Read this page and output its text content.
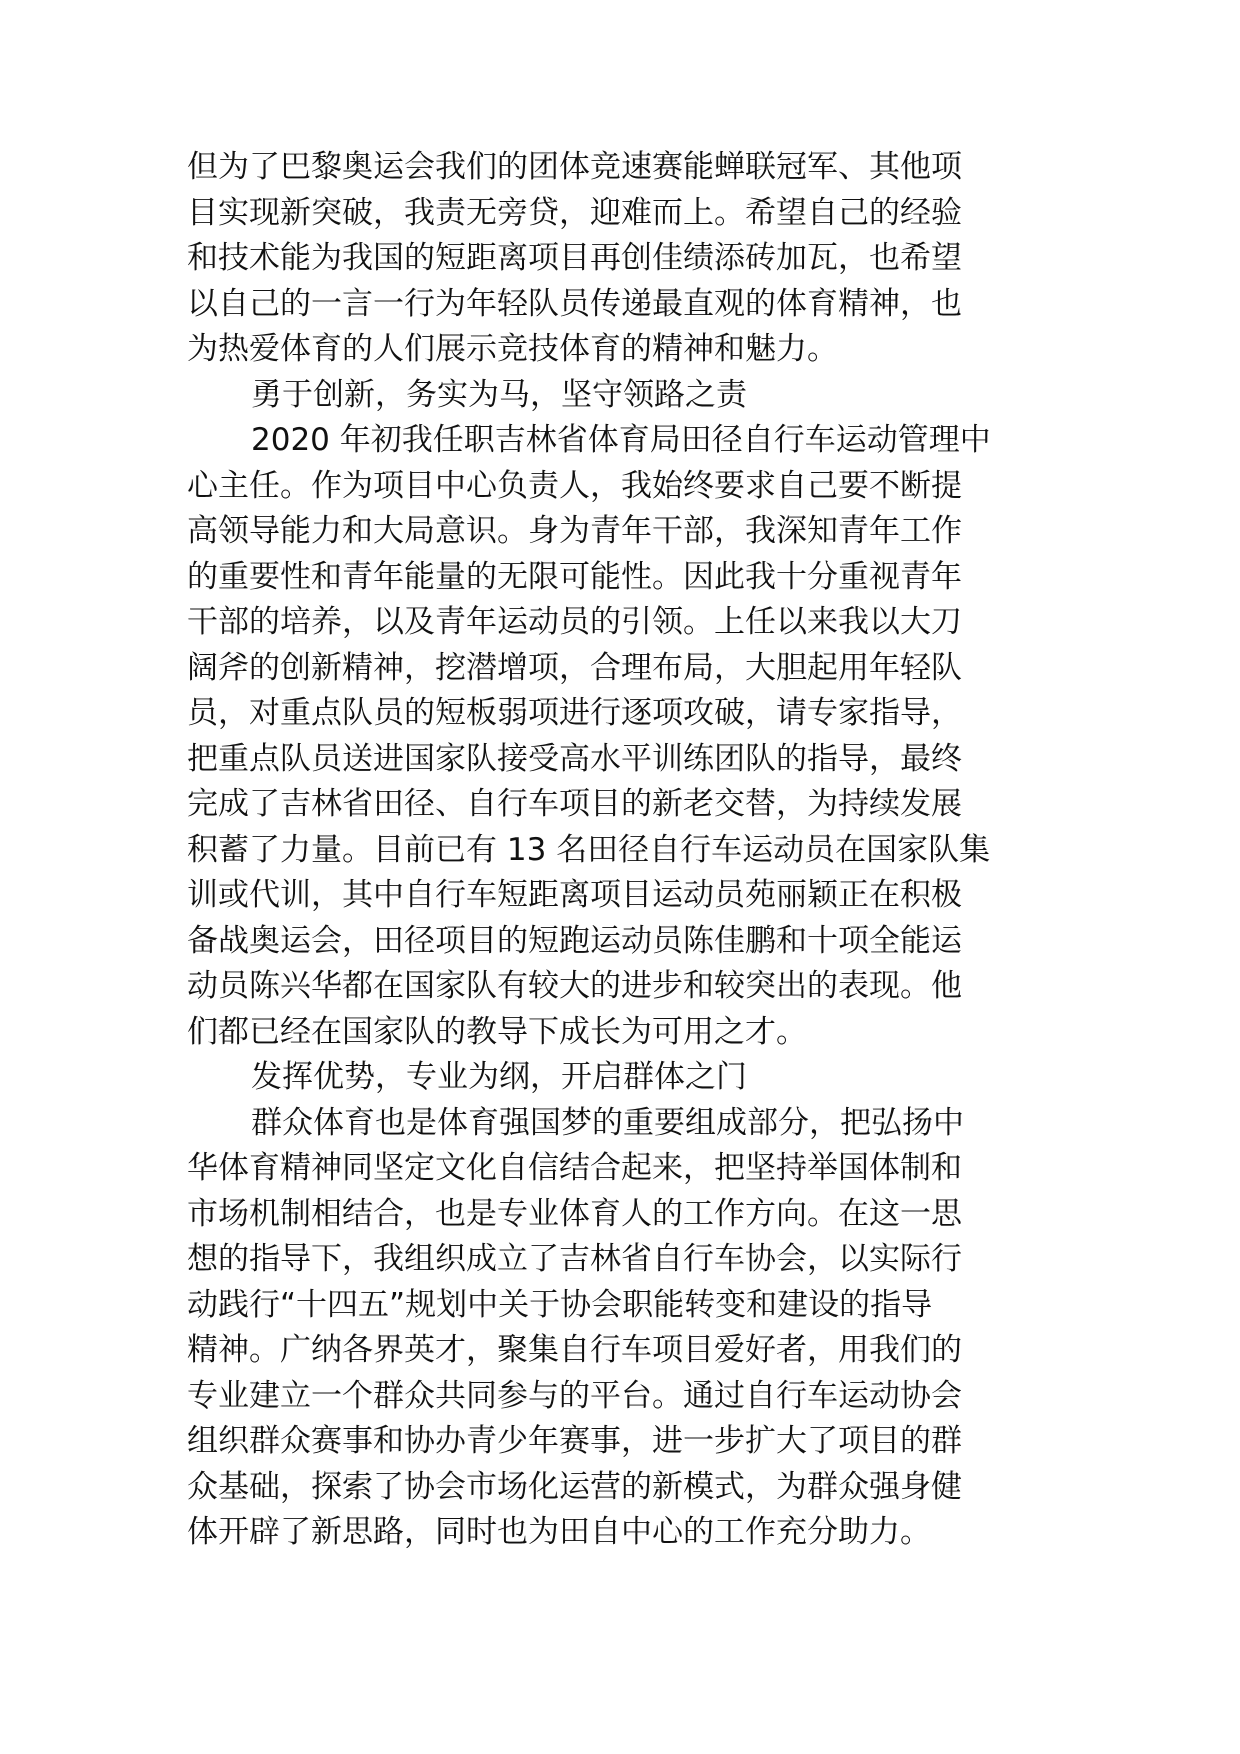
但为了巴黎奥运会我们的团体竞速赛能蝉联冠军、其他项
目实现新突破，我责无旁贷，迎难而上。希望自己的经验
和技术能为我国的短距离项目再创佳绩添砖加瓦，也希望
以自己的一言一行为年轻队员传递最直观的体育精神，也
为热爱体育的人们展示竞技体育的精神和魅力。
勇于创新，务实为马，坚守领路之责
2020 年初我任职吉林省体育局田径自行车运动管理中
心主任。作为项目中心负责人，我始终要求自己要不断提
高领导能力和大局意识。身为青年干部，我深知青年工作
的重要性和青年能量的无限可能性。因此我十分重视青年
干部的培养，以及青年运动员的引领。上任以来我以大刀
阔斧的创新精神，挖潜增项，合理布局，大胆起用年轻队
员，对重点队员的短板弱项进行逐项攻破，请专家指导，
把重点队员送进国家队接受高水平训练团队的指导，最终
完成了吉林省田径、自行车项目的新老交替，为持续发展
积蓄了力量。目前已有 13 名田径自行车运动员在国家队集
训或代训，其中自行车短距离项目运动员苑丽颖正在积极
备战奥运会，田径项目的短跑运动员陈佳鹏和十项全能运
动员陈兴华都在国家队有较大的进步和较突出的表现。他
们都已经在国家队的教导下成长为可用之才。
发挥优势，专业为纲，开启群体之门
群众体育也是体育强国梦的重要组成部分，把弘扬中
华体育精神同坚定文化自信结合起来，把坚持举国体制和
市场机制相结合，也是专业体育人的工作方向。在这一思
想的指导下，我组织成立了吉林省自行车协会，以实际行
动践行“十四五”规划中关于协会职能转变和建设的指导
精神。广纳各界英才，聚集自行车项目爱好者，用我们的
专业建立一个群众共同参与的平台。通过自行车运动协会
组织群众赛事和协办青少年赛事，进一步扩大了项目的群
众基础，探索了协会市场化运营的新模式，为群众强身健
体开辟了新思路，同时也为田自中心的工作充分助力。
